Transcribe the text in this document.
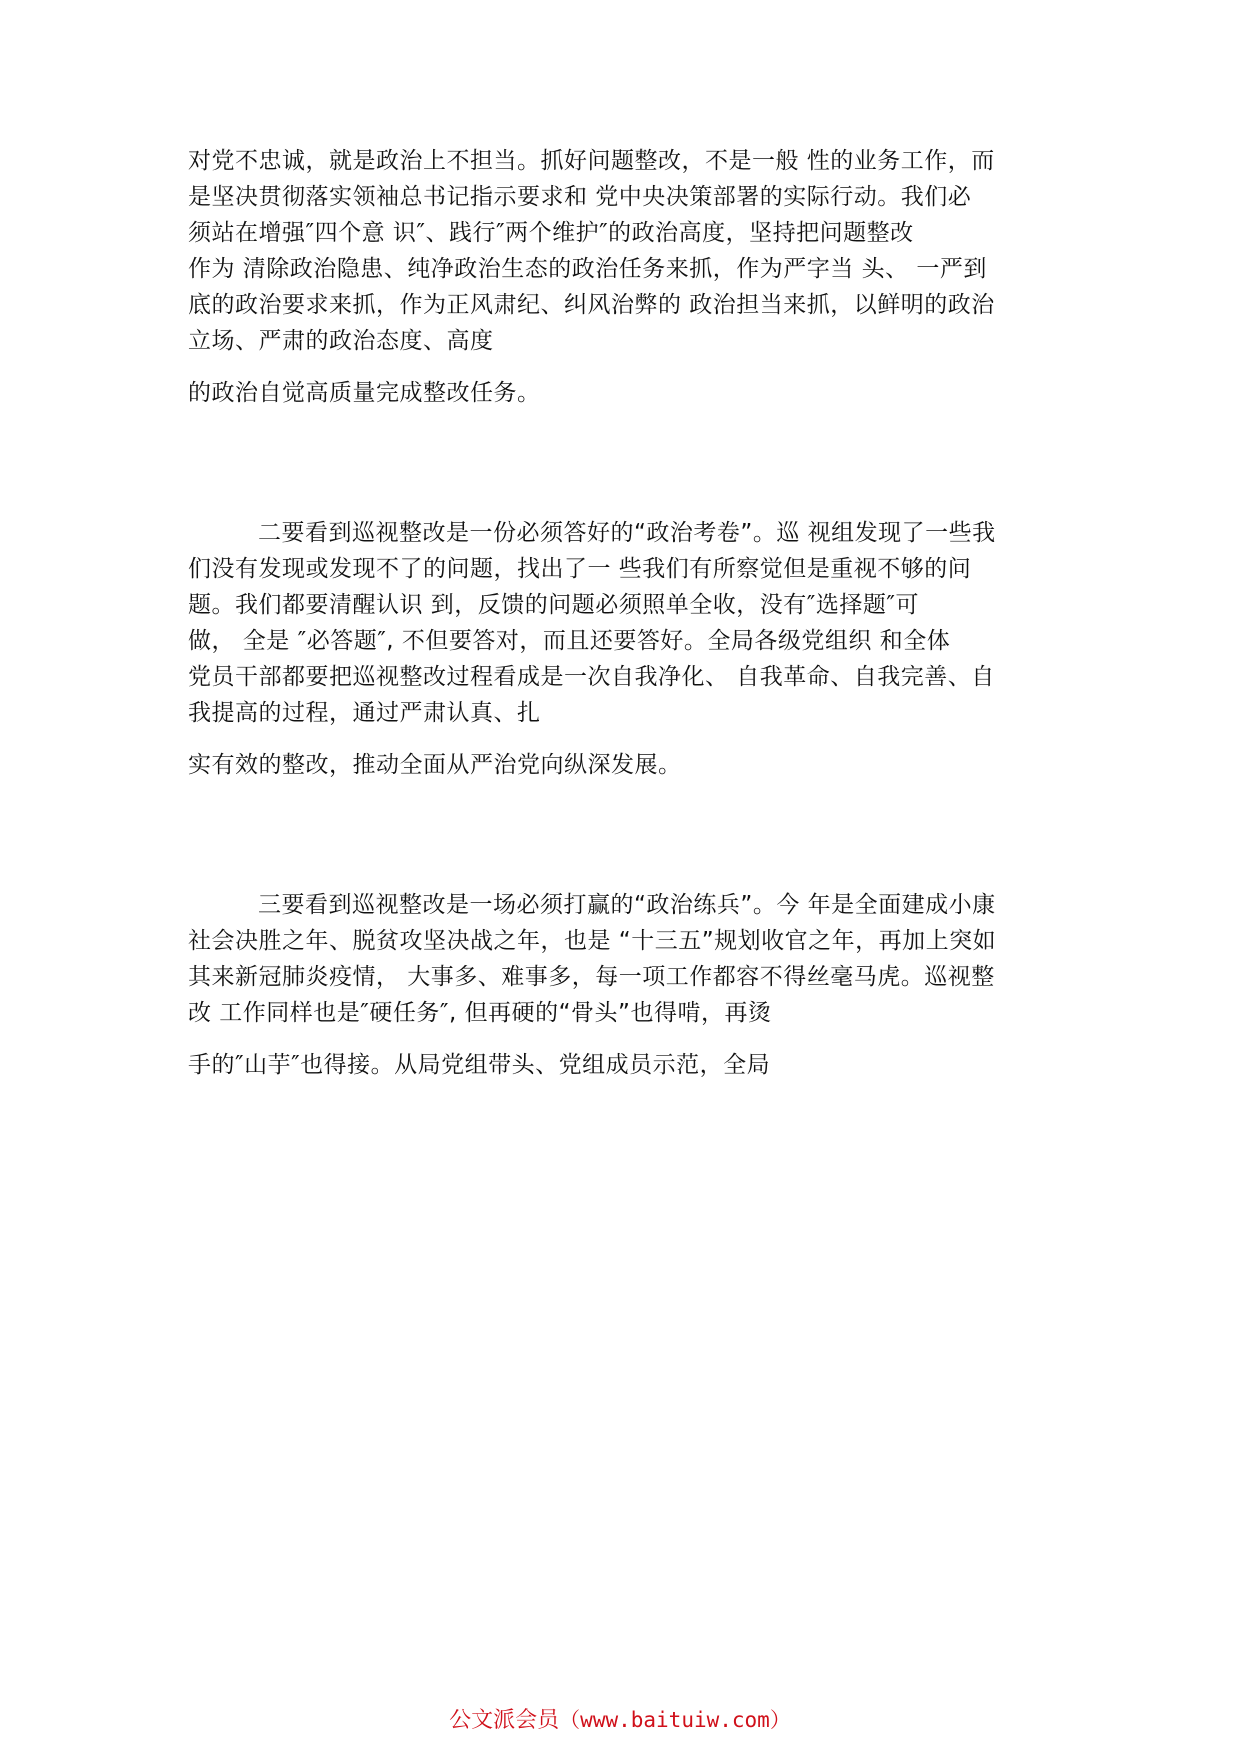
对党不忠诚，就是政治上不担当。抓好问题整改，不是一般 性的业务工作，而
是坚决贯彻落实领袖总书记指示要求和 党中央决策部署的实际行动。我们必
须站在增强″四个意 识″、践行″两个维护″的政治高度，坚持把问题整改
作为 清除政治隐患、纯净政治生态的政治任务来抓，作为严字当 头、 一严到
底的政治要求来抓，作为正风肃纪、纠风治弊的 政治担当来抓，以鲜明的政治
立场、严肃的政治态度、高度
的政治自觉高质量完成整改任务。
二要看到巡视整改是一份必须答好的“政治考卷”。巡 视组发现了一些我
们没有发现或发现不了的问题，找出了一 些我们有所察觉但是重视不够的问
题。我们都要清醒认识 到，反馈的问题必须照单全收，没有″选择题″可
做， 全是 ″必答题″, 不但要答对，而且还要答好。全局各级党组织 和全体
党员干部都要把巡视整改过程看成是一次自我净化、 自我革命、自我完善、自
我提高的过程，通过严肃认真、扎
实有效的整改，推动全面从严治党向纵深发展。
三要看到巡视整改是一场必须打赢的“政治练兵”。今 年是全面建成小康
社会决胜之年、脱贫攻坚决战之年，也是 “十三五”规划收官之年，再加上突如
其来新冠肺炎疫情， 大事多、难事多，每一项工作都容不得丝毫马虎。巡视整
改 工作同样也是″硬任务″, 但再硬的“骨头”也得啃，再烫
手的″山芋″也得接。从局党组带头、党组成员示范，全局
公文派会员（www.baituiw.com）
